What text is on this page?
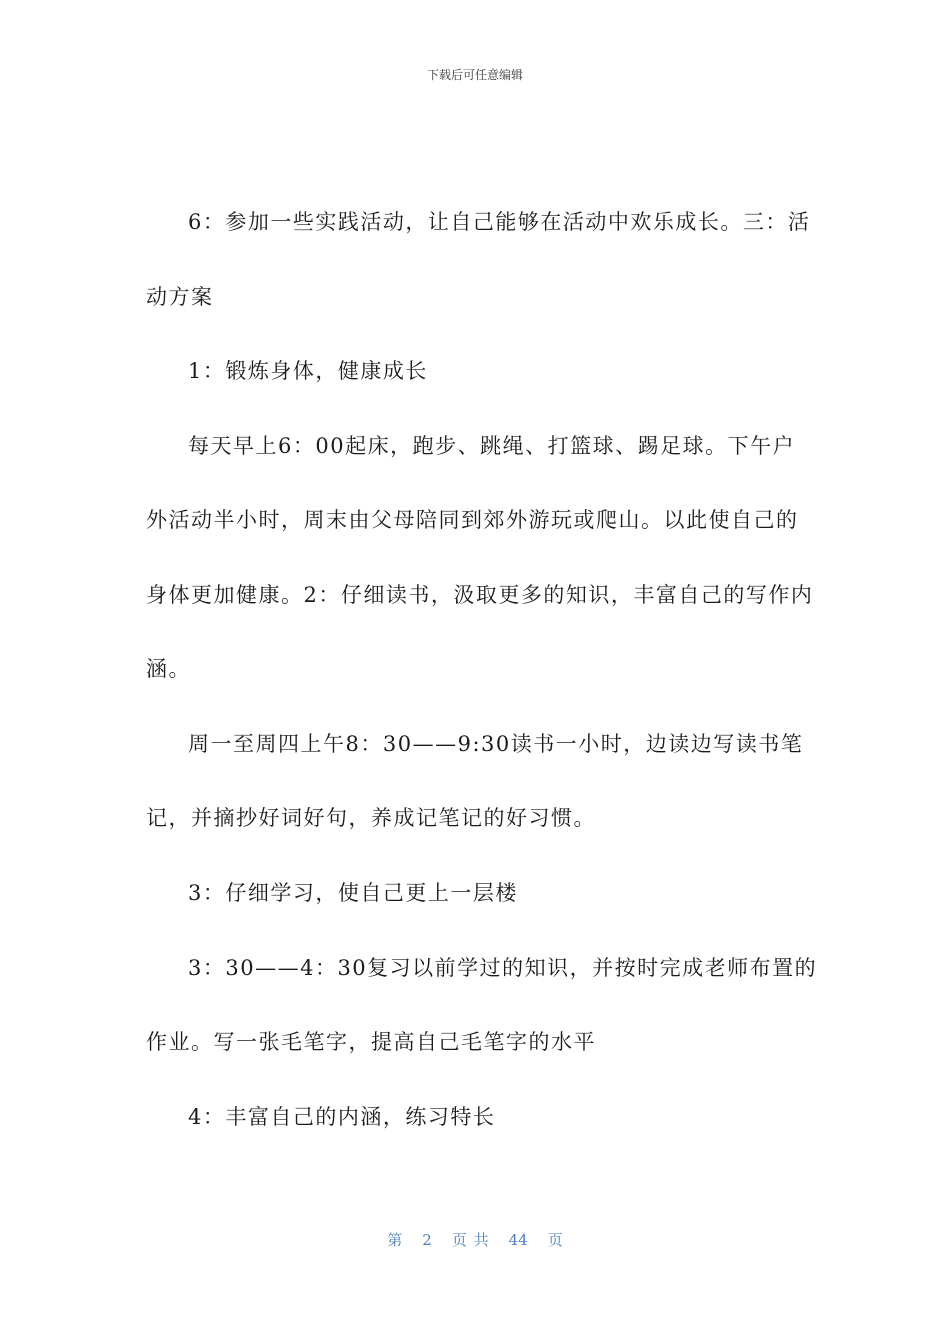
下载后可任意编辑
6：参加一些实践活动，让自己能够在活动中欢乐成长。三：活
动方案
1：锻炼身体，健康成长
每天早上6：00起床，跑步、跳绳、打篮球、踢足球。下午户
外活动半小时，周末由父母陪同到郊外游玩或爬山。以此使自己的
身体更加健康。2：仔细读书，汲取更多的知识，丰富自己的写作内
涵。
周一至周四上午8：30——9:30读书一小时，边读边写读书笔
记，并摘抄好词好句，养成记笔记的好习惯。
3：仔细学习，使自己更上一层楼
3：30——4：30复习以前学过的知识，并按时完成老师布置的
作业。写一张毛笔字，提高自己毛笔字的水平
4：丰富自己的内涵，练习特长
第 2 页 共 44 页
